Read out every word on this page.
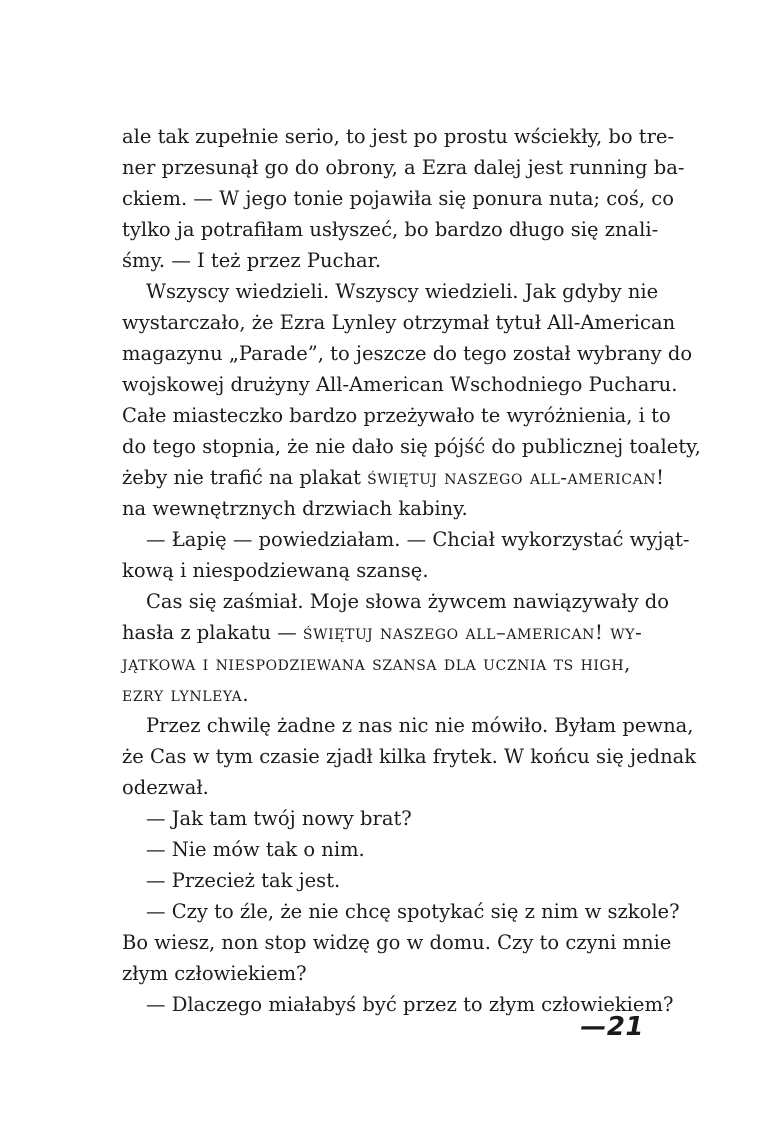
ale tak zupełnie serio, to jest po prostu wściekły, bo tre-
ner przesunął go do obrony, a Ezra dalej jest running ba-
ckiem. — W jego tonie pojawiła się ponura nuta; coś, co
tylko ja potrafiłam usłyszeć, bo bardzo długo się znali-
śmy. — I też przez Puchar.
Wszyscy wiedzieli. Wszyscy wiedzieli. Jak gdyby nie
wystarczało, że Ezra Lynley otrzymał tytuł All-American
magazynu „Parade”, to jeszcze do tego został wybrany do
wojskowej drużyny All-American Wschodniego Pucharu.
Całe miasteczko bardzo przeżywało te wyróżnienia, i to
do tego stopnia, że nie dało się pójść do publicznej toalety,
żeby nie trafić na plakat świętuj naszego all-american!
na wewnętrznych drzwiach kabiny.
— Łapię — powiedziałam. — Chciał wykorzystać wyjąt-
kową i niespodziewaną szansę.
Cas się zaśmiał. Moje słowa żywcem nawiązywały do
hasła z plakatu — świętuj naszego all–american! wy-
jątkowa i niespodziewana szansa dla ucznia ts high,
ezry lynleya.
Przez chwilę żadne z nas nic nie mówiło. Byłam pewna,
że Cas w tym czasie zjadł kilka frytek. W końcu się jednak
odezwał.
— Jak tam twój nowy brat?
— Nie mów tak o nim.
— Przecież tak jest.
— Czy to źle, że nie chcę spotykać się z nim w szkole?
Bo wiesz, non stop widzę go w domu. Czy to czyni mnie
złym człowiekiem?
— Dlaczego miałabyś być przez to złym człowiekiem?
—21
